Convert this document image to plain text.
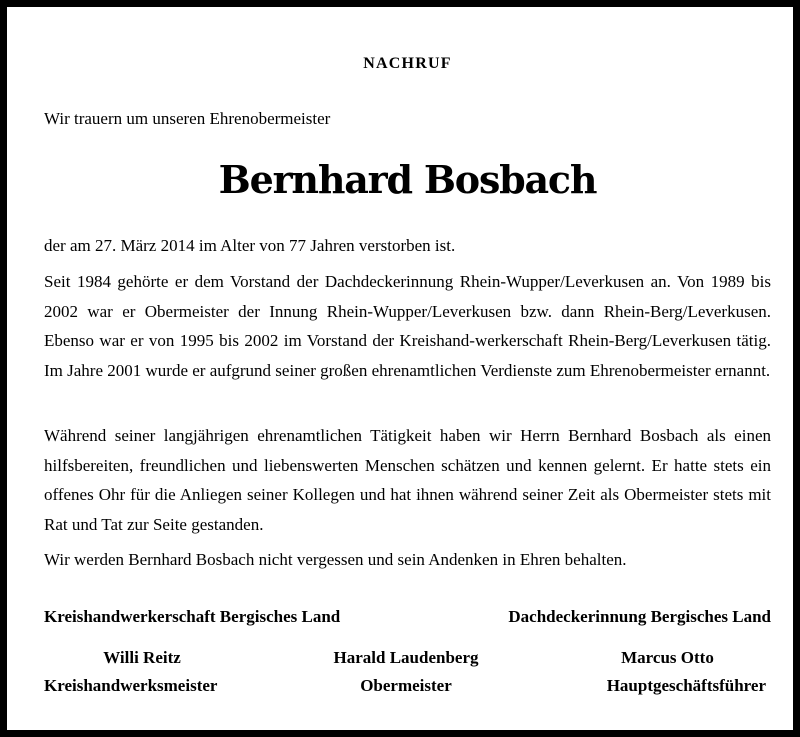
NACHRUF
Wir trauern um unseren Ehrenobermeister
Bernhard Bosbach
der am 27. März 2014 im Alter von 77 Jahren verstorben ist.
Seit 1984 gehörte er dem Vorstand der Dachdeckerinnung Rhein-Wupper/Leverkusen an. Von 1989 bis 2002 war er Obermeister der Innung Rhein-Wupper/Leverkusen bzw. dann Rhein-Berg/Leverkusen. Ebenso war er von 1995 bis 2002 im Vorstand der Kreishand-werkerschaft Rhein-Berg/Leverkusen tätig. Im Jahre 2001 wurde er aufgrund seiner großen ehrenamtlichen Verdienste zum Ehrenobermeister ernannt.
Während seiner langjährigen ehrenamtlichen Tätigkeit haben wir Herrn Bernhard Bosbach als einen hilfsbereiten, freundlichen und liebenswerten Menschen schätzen und kennen gelernt. Er hatte stets ein offenes Ohr für die Anliegen seiner Kollegen und hat ihnen während seiner Zeit als Obermeister stets mit Rat und Tat zur Seite gestanden.
Wir werden Bernhard Bosbach nicht vergessen und sein Andenken in Ehren behalten.
Kreishandwerkerschaft Bergisches Land	Dachdeckerinnung Bergisches Land
Willi Reitz	Harald Laudenberg	Marcus Otto
Kreishandwerksmeister	Obermeister	Hauptgeschäftsführer
